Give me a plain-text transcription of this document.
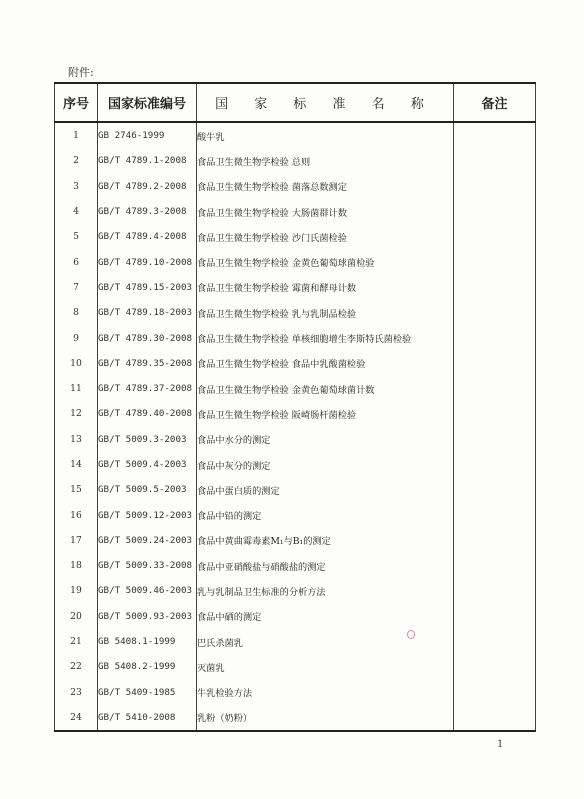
附件:
序号	国家标准编号	国 家 标 准 名 称	备注
1	GB 2746-1999	酸牛乳	
2	GB/T 4789.1-2008	食品卫生微生物学检验 总则	
3	GB/T 4789.2-2008	食品卫生微生物学检验 菌落总数测定	
4	GB/T 4789.3-2008	食品卫生微生物学检验 大肠菌群计数	
5	GB/T 4789.4-2008	食品卫生微生物学检验 沙门氏菌检验	
6	GB/T 4789.10-2008	食品卫生微生物学检验 金黄色葡萄球菌检验	
7	GB/T 4789.15-2003	食品卫生微生物学检验 霉菌和酵母计数	
8	GB/T 4789.18-2003	食品卫生微生物学检验 乳与乳制品检验	
9	GB/T 4789.30-2008	食品卫生微生物学检验 单核细胞增生李斯特氏菌检验	
10	GB/T 4789.35-2008	食品卫生微生物学检验 食品中乳酸菌检验	
11	GB/T 4789.37-2008	食品卫生微生物学检验 金黄色葡萄球菌计数	
12	GB/T 4789.40-2008	食品卫生微生物学检验 阪崎肠杆菌检验	
13	GB/T 5009.3-2003	食品中水分的测定	
14	GB/T 5009.4-2003	食品中灰分的测定	
15	GB/T 5009.5-2003	食品中蛋白质的测定	
16	GB/T 5009.12-2003	食品中铅的测定	
17	GB/T 5009.24-2003	食品中黄曲霉毒素M₁与B₁的测定	
18	GB/T 5009.33-2008	食品中亚硝酸盐与硝酸盐的测定	
19	GB/T 5009.46-2003	乳与乳制品卫生标准的分析方法	
20	GB/T 5009.93-2003	食品中硒的测定	
21	GB 5408.1-1999	巴氏杀菌乳	
22	GB 5408.2-1999	灭菌乳	
23	GB/T 5409-1985	牛乳检验方法	
24	GB/T 5410-2008	乳粉（奶粉）	
1
